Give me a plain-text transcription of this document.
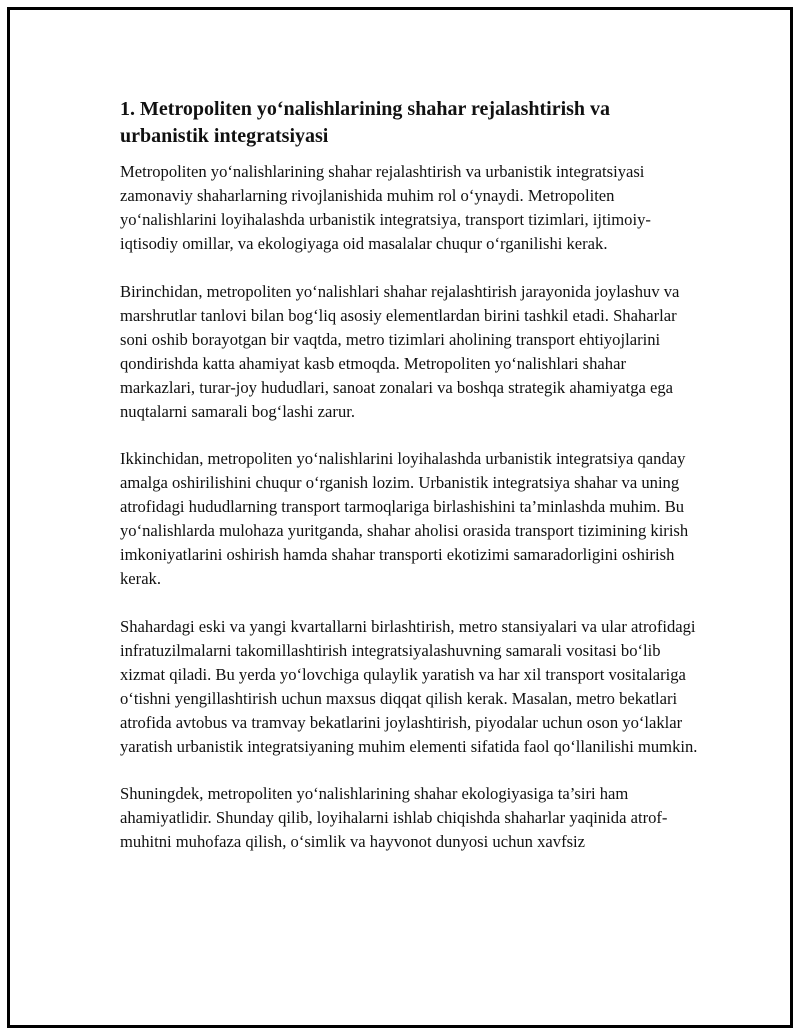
1. Metropoliten yo‘nalishlarining shahar rejalashtirish va urbanistik integratsiyasi

Metropoliten yo‘nalishlarining shahar rejalashtirish va urbanistik integratsiyasi zamonaviy shaharlarning rivojlanishida muhim rol o‘ynaydi. Metropoliten yo‘nalishlarini loyihalashda urbanistik integratsiya, transport tizimlari, ijtimoiy-iqtisodiy omillar, va ekologiyaga oid masalalar chuqur o‘rganilishi kerak.

Birinchidan, metropoliten yo‘nalishlari shahar rejalashtirish jarayonida joylashuv va marshrutlar tanlovi bilan bog‘liq asosiy elementlardan birini tashkil etadi. Shaharlar soni oshib borayotgan bir vaqtda, metro tizimlari aholining transport ehtiyojlarini qondirishda katta ahamiyat kasb etmoqda. Metropoliten yo‘nalishlari shahar markazlari, turar-joy hududlari, sanoat zonalari va boshqa strategik ahamiyatga ega nuqtalarni samarali bog‘lashi zarur.

Ikkinchidan, metropoliten yo‘nalishlarini loyihalashda urbanistik integratsiya qanday amalga oshirilishini chuqur o‘rganish lozim. Urbanistik integratsiya shahar va uning atrofidagi hududlarning transport tarmoqlariga birlashishini ta’minlashda muhim. Bu yo‘nalishlarda mulohaza yuritganda, shahar aholisi orasida transport tizimining kirish imkoniyatlarini oshirish hamda shahar transporti ekotizimi samaradorligini oshirish kerak.

Shahardagi eski va yangi kvartallarni birlashtirish, metro stansiyalari va ular atrofidagi infratuzilmalarni takomillashtirish integratsiyalashuvning samarali vositasi bo‘lib xizmat qiladi. Bu yerda yo‘lovchiga qulaylik yaratish va har xil transport vositalariga o‘tishni yengillashtirish uchun maxsus diqqat qilish kerak. Masalan, metro bekatlari atrofida avtobus va tramvay bekatlarini joylashtirish, piyodalar uchun oson yo‘laklar yaratish urbanistik integratsiyaning muhim elementi sifatida faol qo‘llanilishi mumkin.

Shuningdek, metropoliten yo‘nalishlarining shahar ekologiyasiga ta’siri ham ahamiyatlidir. Shunday qilib, loyihalarni ishlab chiqishda shaharlar yaqinida atrof-muhitni muhofaza qilish, o‘simlik va hayvonot dunyosi uchun xavfsiz
